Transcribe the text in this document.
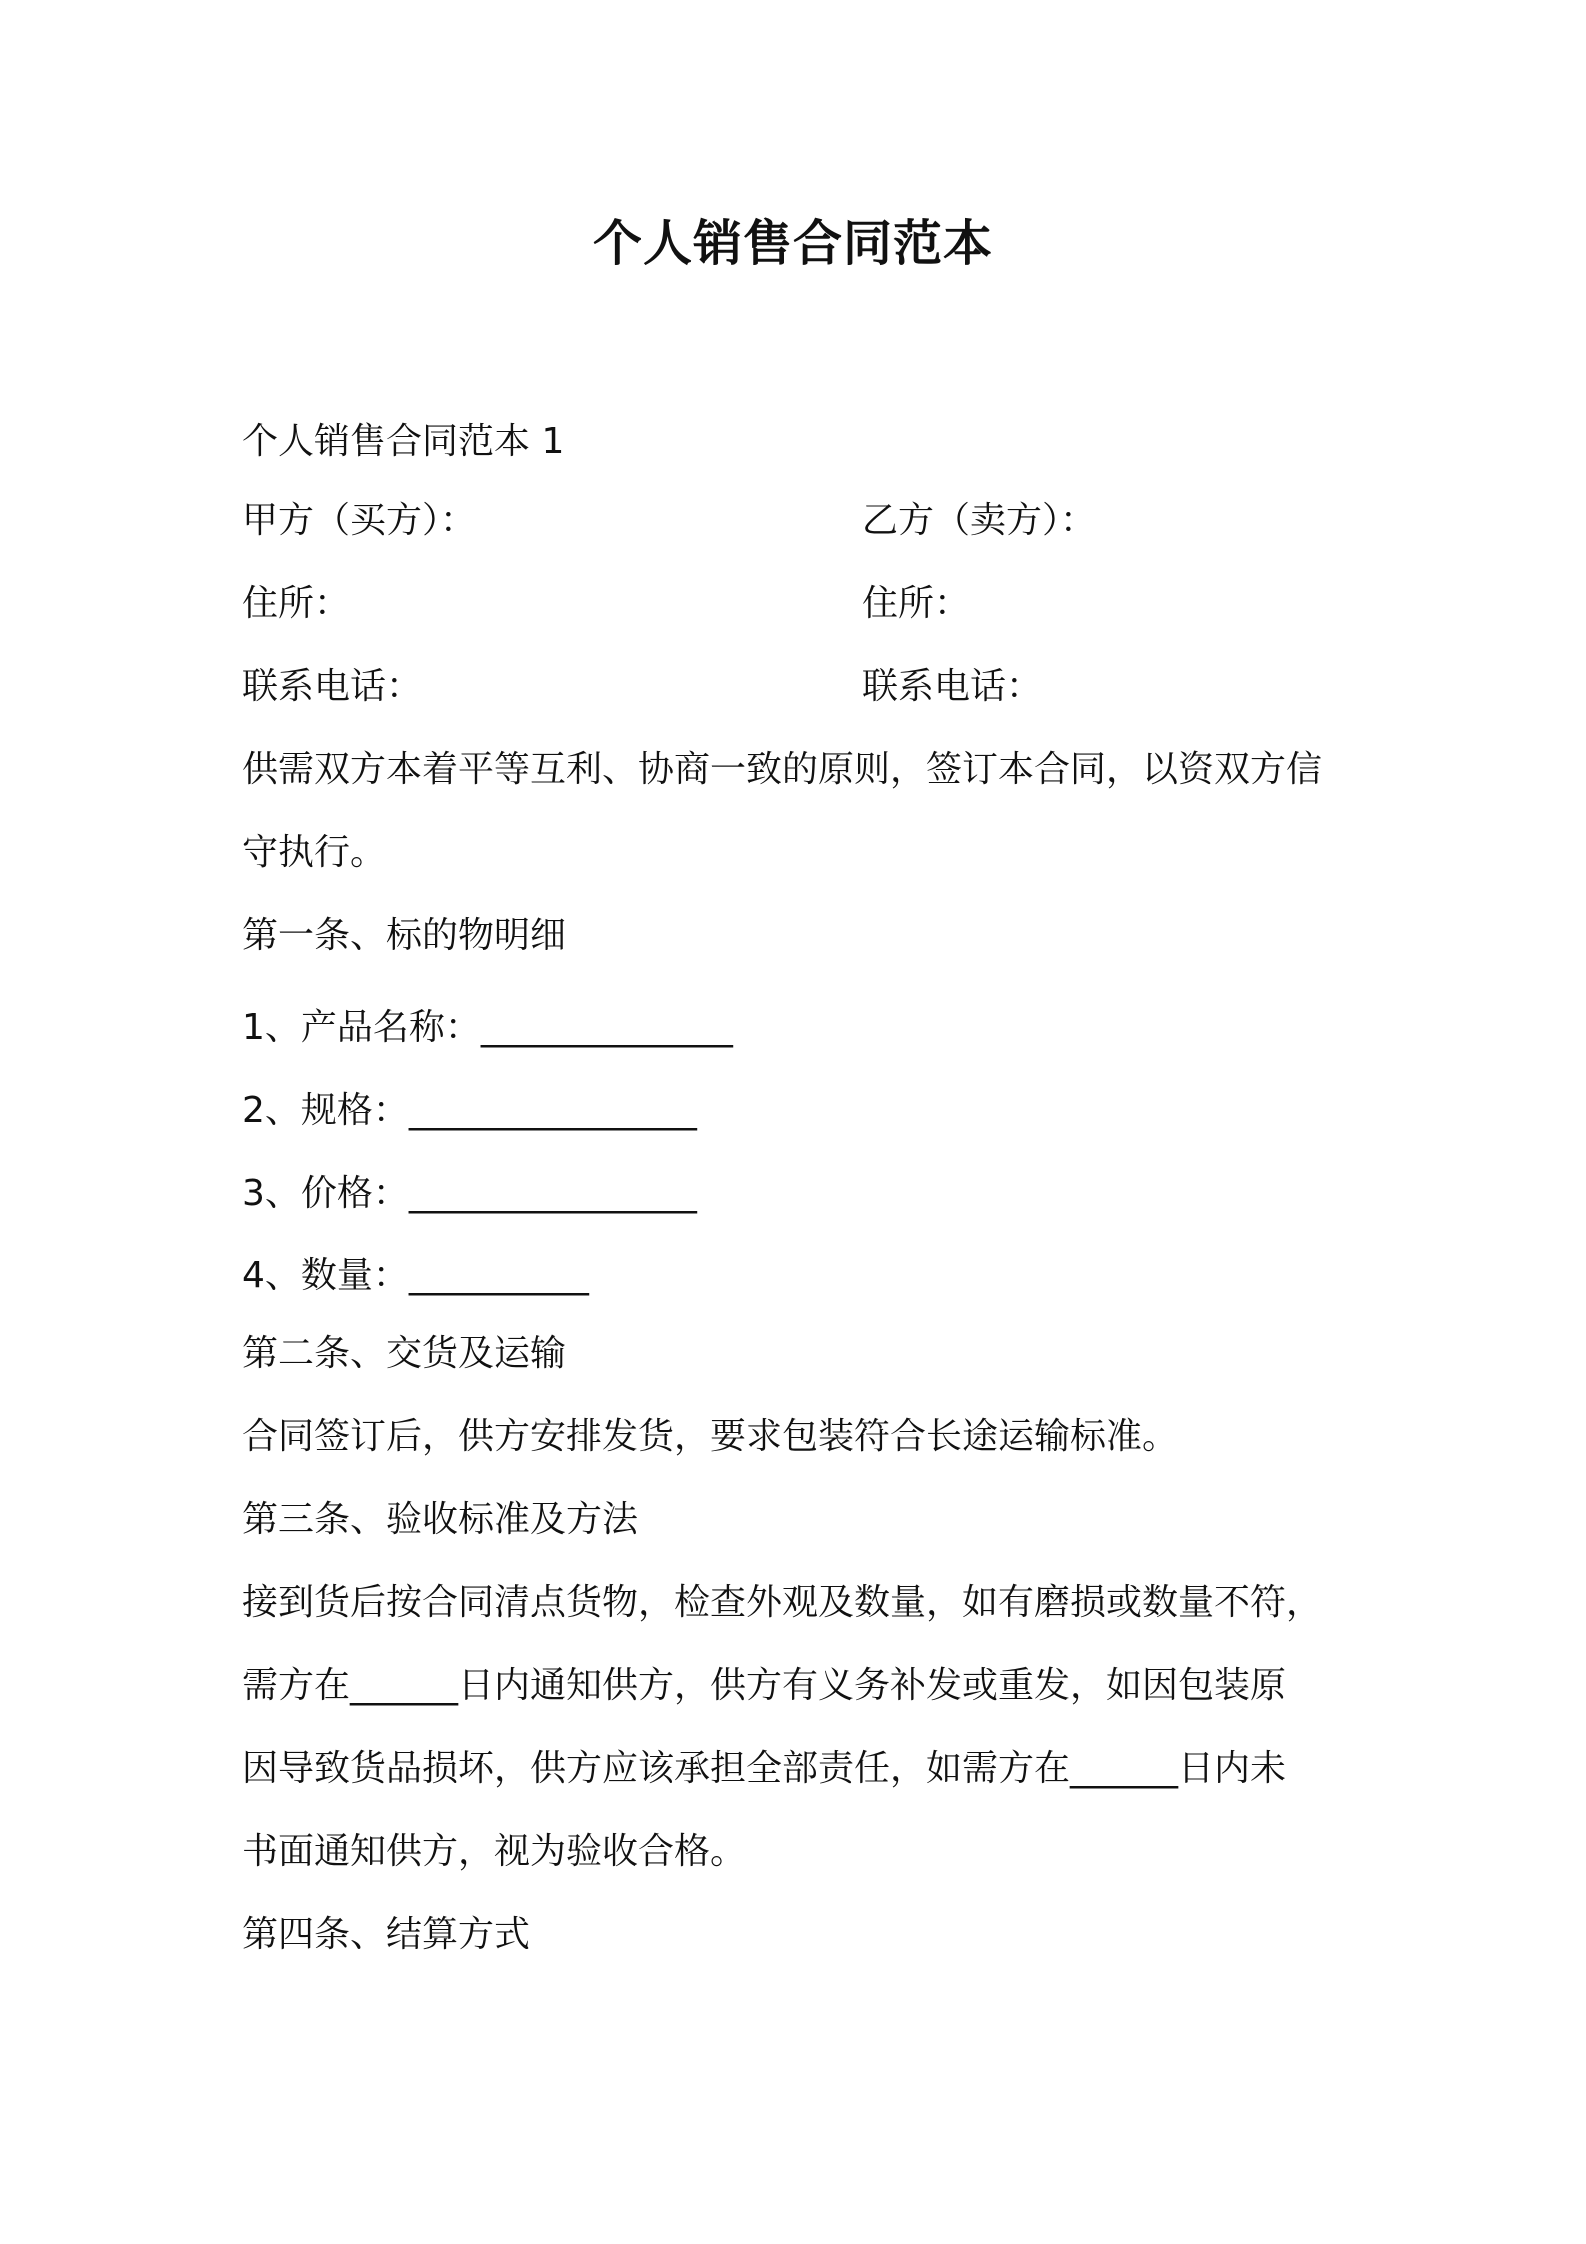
个人销售合同范本
个人销售合同范本 1
甲方（买方）：	乙方（卖方）：
住所：	住所：
联系电话：	联系电话：
供需双方本着平等互利、协商一致的原则，签订本合同，以资双方信
守执行。
第一条、标的物明细
1、产品名称：______________
2、规格：________________
3、价格：________________
4、数量：__________
第二条、交货及运输
合同签订后，供方安排发货，要求包装符合长途运输标准。
第三条、验收标准及方法
接到货后按合同清点货物，检查外观及数量，如有磨损或数量不符，
需方在______日内通知供方，供方有义务补发或重发，如因包装原
因导致货品损坏，供方应该承担全部责任，如需方在______日内未
书面通知供方，视为验收合格。
第四条、结算方式
